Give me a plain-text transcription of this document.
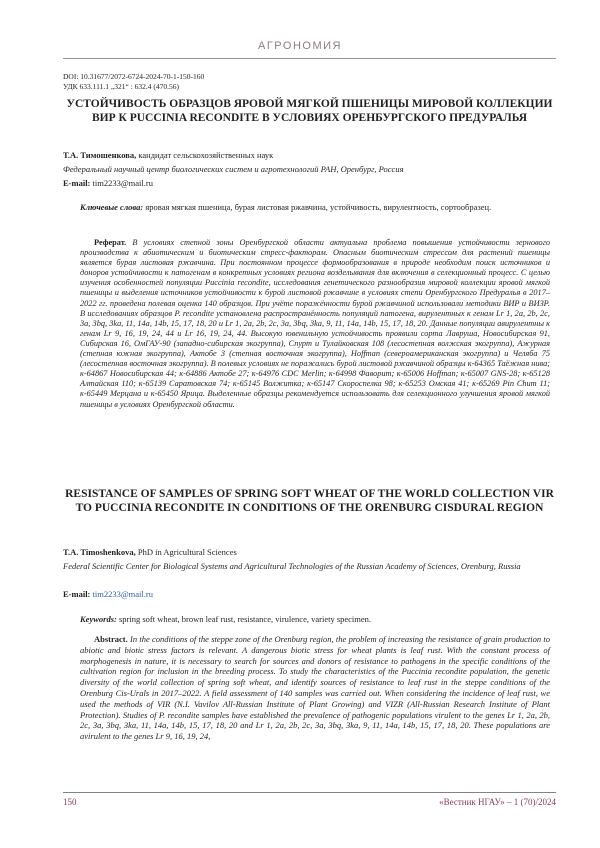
АГРОНОМИЯ
DOI: 10.31677/2072-6724-2024-70-1-150-160
УДК 633.111.1 „321“ : 632.4 (470.56)
УСТОЙЧИВОСТЬ ОБРАЗЦОВ ЯРОВОЙ МЯГКОЙ ПШЕНИЦЫ МИРОВОЙ КОЛЛЕКЦИИ ВИР К PUCCINIA RECONDITE В УСЛОВИЯХ ОРЕНБУРГСКОГО ПРЕДУРАЛЬЯ
Т.А. Тимошенкова, кандидат сельскохозяйственных наук
Федеральный научный центр биологических систем и агротехнологий РАН, Оренбург, Россия
E-mail: tim2233@mail.ru
Ключевые слова: яровая мягкая пшеница, бурая листовая ржавчина, устойчивость, вирулентность, сортообразец.
Реферат. В условиях степной зоны Оренбургской области актуальна проблема повышения устойчивости зернового производства к абиотическим и биотическим стресс-факторам. Опасным биотическим стрессом для растений пшеницы является бурая листовая ржавчина. При постоянном процессе формообразования в природе необходим поиск источников и доноров устойчивости к патогенам в конкретных условиях региона возделывания для включения в селекционный процесс. С целью изучения особенностей популяции Puccinia recondite, исследования генетического разнообразия мировой коллекции яровой мягкой пшеницы и выделения источников устойчивости к бурой листовой ржавчине в условиях степи Оренбургского Предуралья в 2017–2022 гг. проведена полевая оценка 140 образцов. При учёте поражённости бурой ржавчиной использовали методики ВИР и ВИЗР. В исследованиях образцов P. recondite установлена распространённость популяций патогена, вирулентных к генам Lr 1, 2a, 2b, 2c, 3a, 3bq, 3ka, 11, 14a, 14b, 15, 17, 18, 20 и Lr 1, 2a, 2b, 2c, 3a, 3bq, 3ka, 9, 11, 14a, 14b, 15, 17, 18, 20. Данные популяции авирулентны к генам Lr 9, 16, 19, 24, 44 и Lr 16, 19, 24, 44. Высокую ювенильную устойчивость проявили сорта Лавруша, Новосибирская 91, Сибирская 16, ОмГАУ-90 (западно-сибирская экогруппа), Спурт и Тулайковская 108 (лесостепная волжская экогруппа), Ажурная (степная южная экогруппа), Актобе 3 (степная восточная экогруппа), Hoffman (североамериканская экогруппа) и Челяба 75 (лесостепная восточная экогруппа). В полевых условиях не поражались бурой листовой ржавчиной образцы к-64365 Таёжная нива; к-64867 Новосибирская 44; к-64886 Актобе 27; к-64976 CDC Merlin; к-64998 Фаворит; к-65006 Hoffman; к-65007 GNS-28; к-65128 Алтайская 110; к-65139 Саратовская 74; к-65145 Волжитка; к-65147 Скороспелка 98; к-65253 Омская 41; к-65269 Pin Chum 11; к-65449 Мерцана и к-65450 Ярица. Выделенные образцы рекомендуется использовать для селекционного улучшения яровой мягкой пшеницы в условиях Оренбургской области.
RESISTANCE OF SAMPLES OF SPRING SOFT WHEAT OF THE WORLD COLLECTION VIR TO PUCCINIA RECONDITE IN CONDITIONS OF THE ORENBURG CISDURAL REGION
T.A. Timoshenkova, PhD in Agricultural Sciences
Federal Scientific Center for Biological Systems and Agricultural Technologies of the Russian Academy of Sciences, Orenburg, Russia
E-mail: tim2233@mail.ru
Keywords: spring soft wheat, brown leaf rust, resistance, virulence, variety specimen.
Abstract. In the conditions of the steppe zone of the Orenburg region, the problem of increasing the resistance of grain production to abiotic and biotic stress factors is relevant. A dangerous biotic stress for wheat plants is leaf rust. With the constant process of morphogenesis in nature, it is necessary to search for sources and donors of resistance to pathogens in the specific conditions of the cultivation region for inclusion in the breeding process. To study the characteristics of the Puccinia recondite population, the genetic diversity of the world collection of spring soft wheat, and identify sources of resistance to leaf rust in the steppe conditions of the Orenburg Cis-Urals in 2017–2022. A field assessment of 140 samples was carried out. When considering the incidence of leaf rust, we used the methods of VIR (N.I. Vavilov All-Russian Institute of Plant Growing) and VIZR (All-Russian Research Institute of Plant Protection). Studies of P. recondite samples have established the prevalence of pathogenic populations virulent to the genes Lr 1, 2a, 2b, 2c, 3a, 3bq, 3ka, 11, 14a, 14b, 15, 17, 18, 20 and Lr 1, 2a, 2b, 2c, 3a, 3bq, 3ka, 9, 11, 14a, 14b, 15, 17, 18, 20. These populations are avirulent to the genes Lr 9, 16, 19, 24,
150	«Вестник НГАУ» – 1 (70)/2024
